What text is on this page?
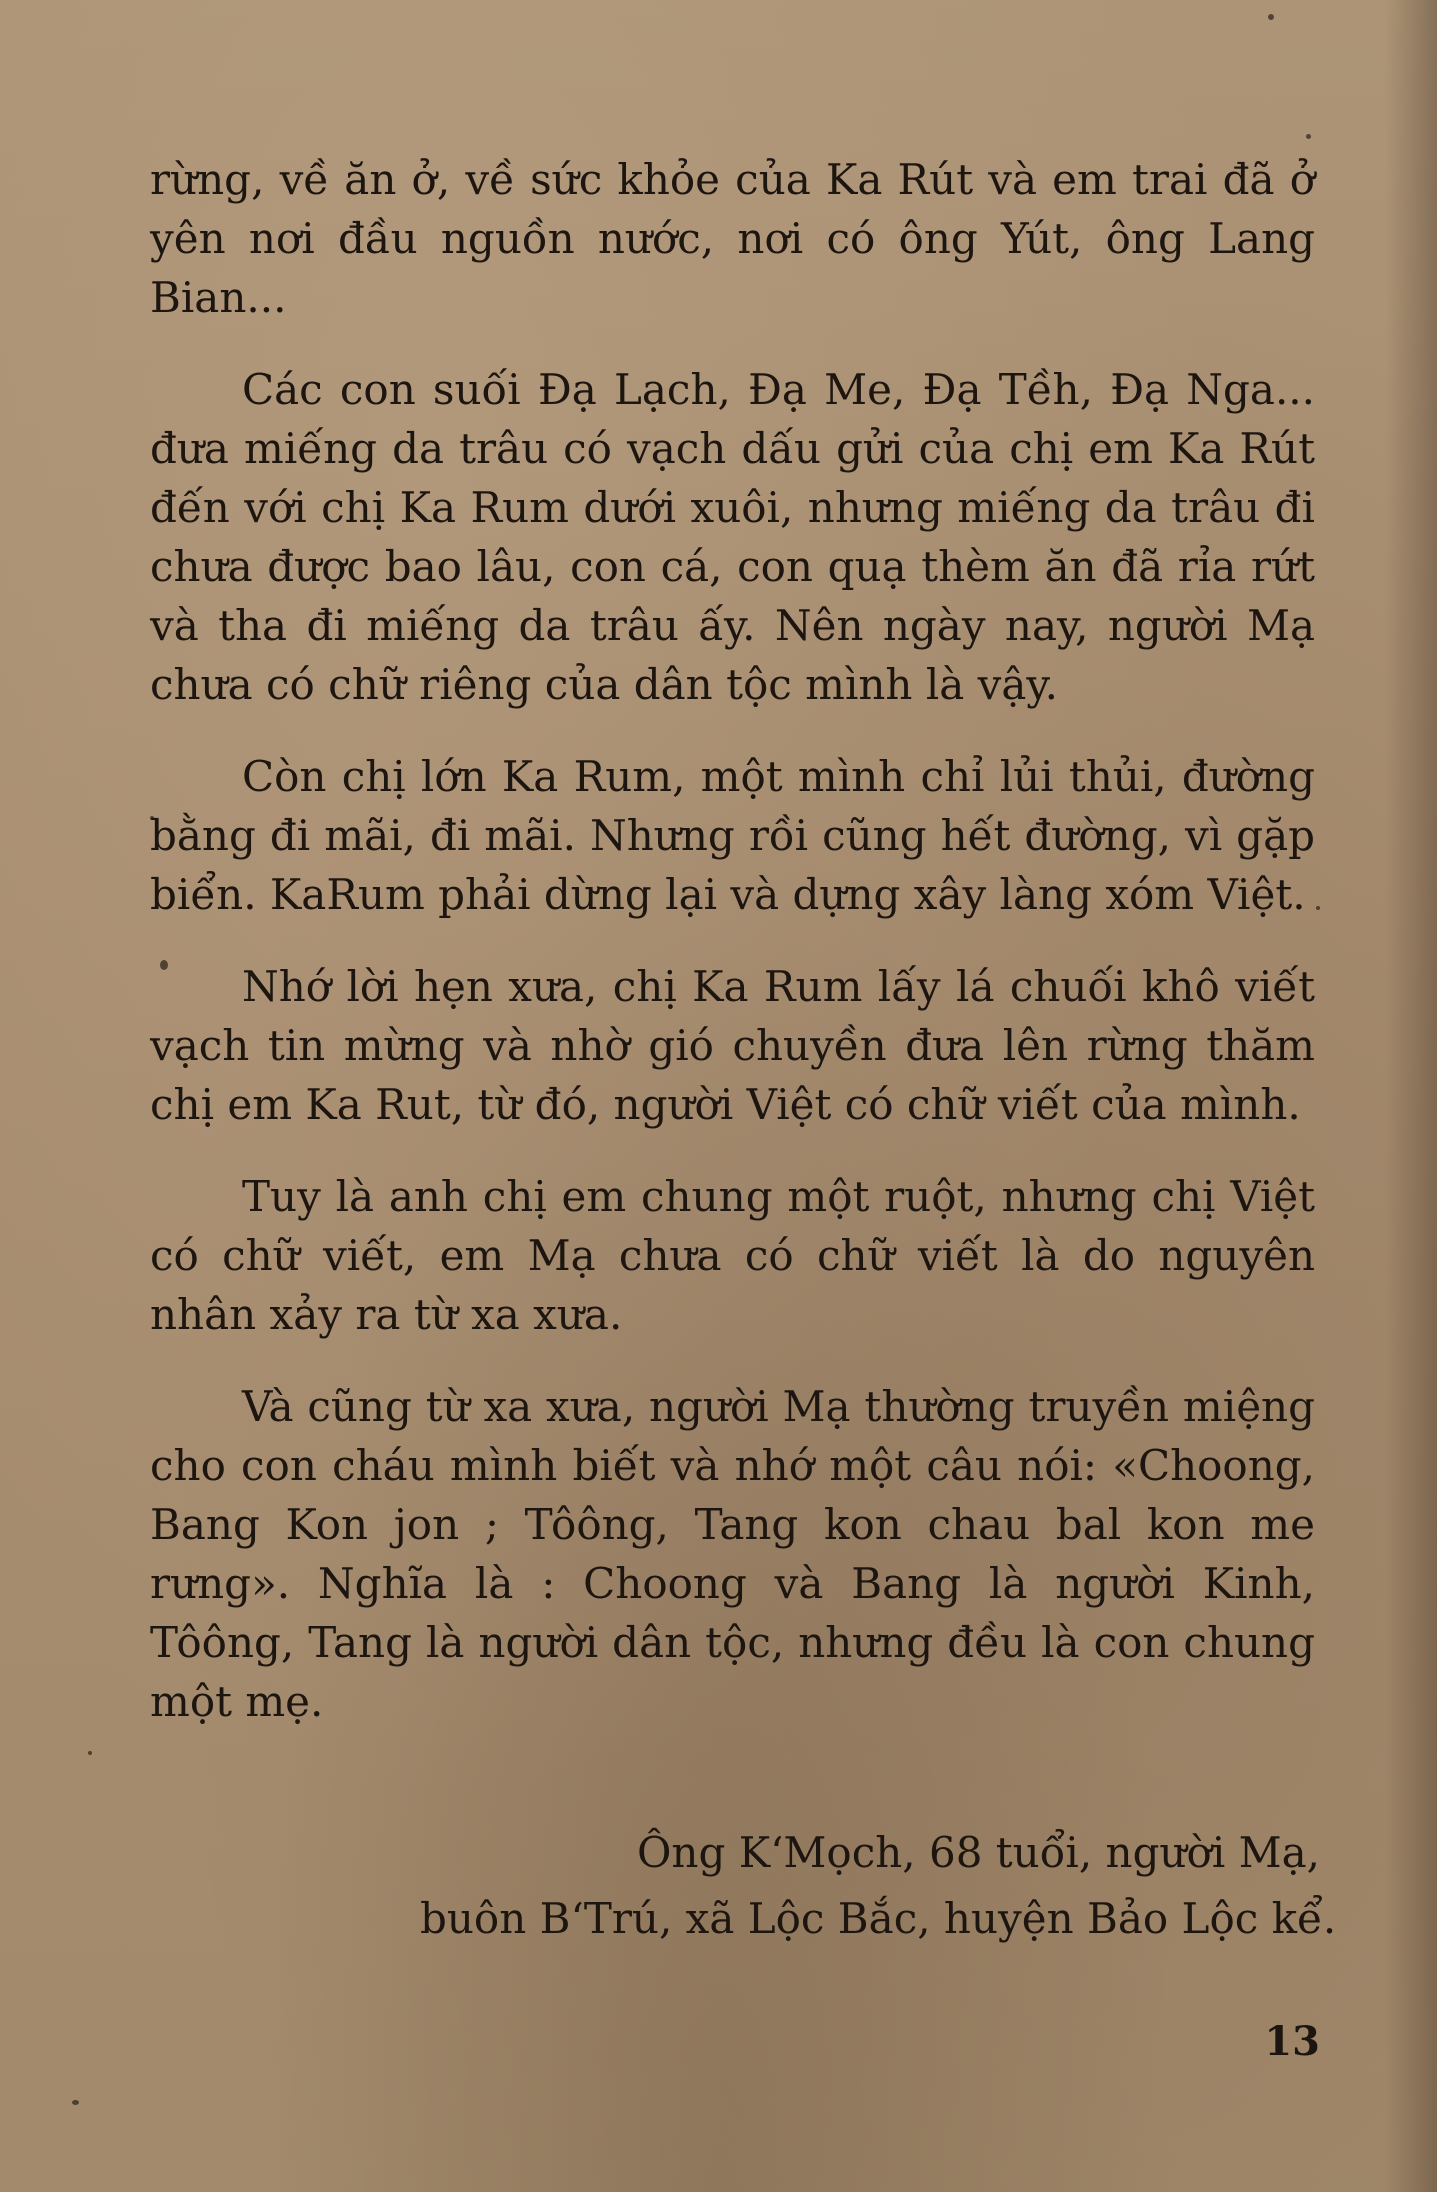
rừng, về ăn ở, về sức khỏe của Ka Rút và em trai đã ở yên nơi đầu nguồn nước, nơi có ông Yút, ông Lang Bian...

Các con suối Đạ Lạch, Đạ Me, Đạ Tềh, Đạ Nga... đưa miếng da trâu có vạch dấu gửi của chị em Ka Rút đến với chị Ka Rum dưới xuôi, nhưng miếng da trâu đi chưa được bao lâu, con cá, con quạ thèm ăn đã rỉa rứt và tha đi miếng da trâu ấy. Nên ngày nay, người Mạ chưa có chữ riêng của dân tộc mình là vậy.

Còn chị lớn Ka Rum, một mình chỉ lủi thủi, đường bằng đi mãi, đi mãi. Nhưng rồi cũng hết đường, vì gặp biển. KaRum phải dừng lại và dựng xây làng xóm Việt.

Nhớ lời hẹn xưa, chị Ka Rum lấy lá chuối khô viết vạch tin mừng và nhờ gió chuyền đưa lên rừng thăm chị em Ka Rut, từ đó, người Việt có chữ viết của mình.

Tuy là anh chị em chung một ruột, nhưng chị Việt có chữ viết, em Mạ chưa có chữ viết là do nguyên nhân xảy ra từ xa xưa.

Và cũng từ xa xưa, người Mạ thường truyền miệng cho con cháu mình biết và nhớ một câu nói: «Choong, Bang Kon jon ; Tôông, Tang kon chau bal kon me rưng». Nghĩa là : Choong và Bang là người Kinh, Tôông, Tang là người dân tộc, nhưng đều là con chung một mẹ.

Ông K‘Mọch, 68 tuổi, người Mạ,
buôn B‘Trú, xã Lộc Bắc, huyện Bảo Lộc kể.
13
